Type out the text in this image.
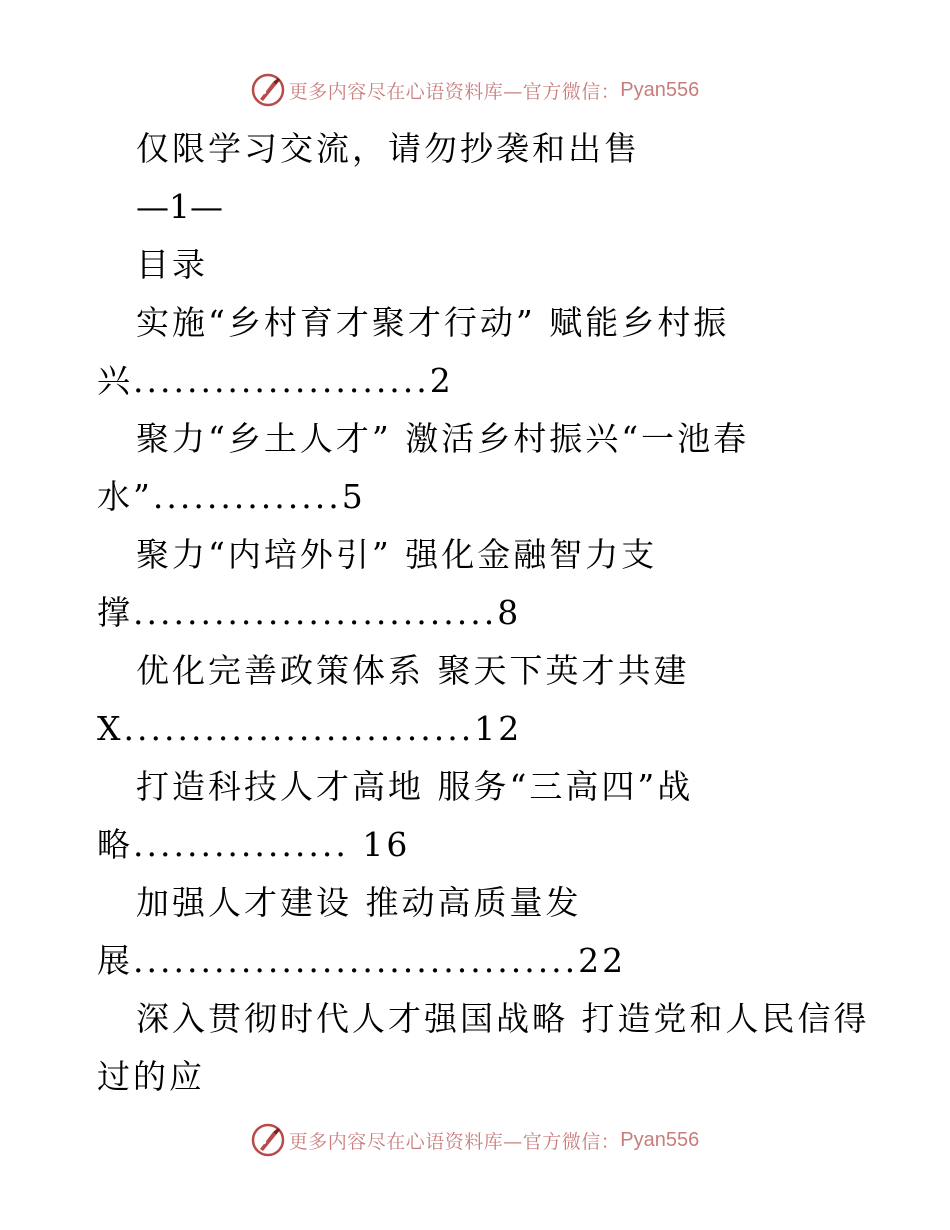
更多内容尽在心语资料库—官方微信： Pyan556
仅限学习交流，请勿抄袭和出售
—1—
目录
实施“乡村育才聚才行动” 赋能乡村振
兴......................2
聚力“乡土人才” 激活乡村振兴“一池春
水”..............5
聚力“内培外引” 强化金融智力支
撑...........................8
优化完善政策体系 聚天下英才共建
X..........................12
打造科技人才高地 服务“三高四”战
略................ 16
加强人才建设 推动高质量发
展.................................22
深入贯彻时代人才强国战略 打造党和人民信得
过的应
更多内容尽在心语资料库—官方微信： Pyan556
